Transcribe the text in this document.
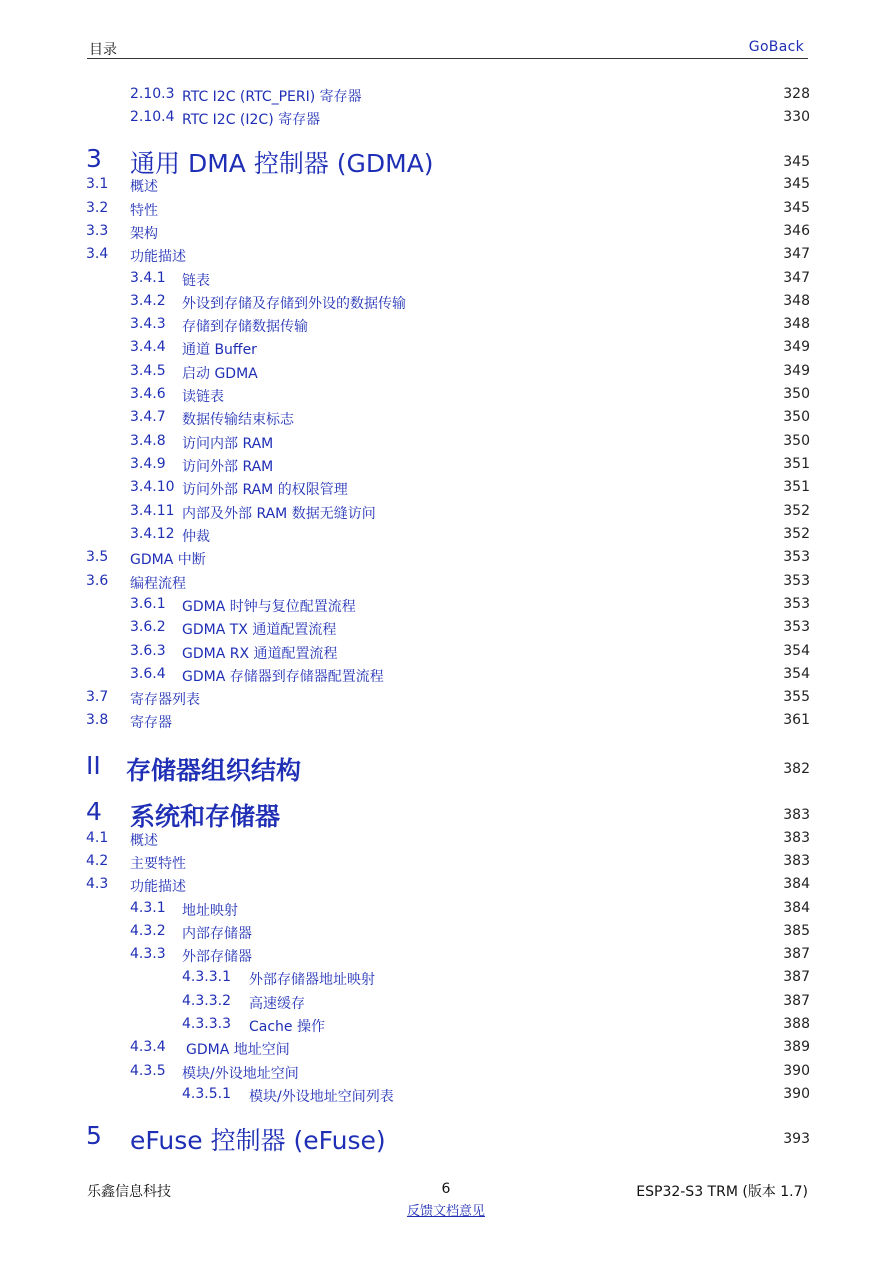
目录	GoBack
2.10.3 RTC I2C (RTC_PERI) 寄存器	328
2.10.4 RTC I2C (I2C) 寄存器	330
3 通用 DMA 控制器 (GDMA)	345
3.1 概述	345
3.2 特性	345
3.3 架构	346
3.4 功能描述	347
3.4.1 链表	347
3.4.2 外设到存储及存储到外设的数据传输	348
3.4.3 存储到存储数据传输	348
3.4.4 通道 Buffer	349
3.4.5 启动 GDMA	349
3.4.6 读链表	350
3.4.7 数据传输结束标志	350
3.4.8 访问内部 RAM	350
3.4.9 访问外部 RAM	351
3.4.10 访问外部 RAM 的权限管理	351
3.4.11 内部及外部 RAM 数据无缝访问	352
3.4.12 仲裁	352
3.5 GDMA 中断	353
3.6 编程流程	353
3.6.1 GDMA 时钟与复位配置流程	353
3.6.2 GDMA TX 通道配置流程	353
3.6.3 GDMA RX 通道配置流程	354
3.6.4 GDMA 存储器到存储器配置流程	354
3.7 寄存器列表	355
3.8 寄存器	361
II 存储器组织结构	382
4 系统和存储器	383
4.1 概述	383
4.2 主要特性	383
4.3 功能描述	384
4.3.1 地址映射	384
4.3.2 内部存储器	385
4.3.3 外部存储器	387
4.3.3.1 外部存储器地址映射	387
4.3.3.2 高速缓存	387
4.3.3.3 Cache 操作	388
4.3.4 GDMA 地址空间	389
4.3.5 模块/外设地址空间	390
4.3.5.1 模块/外设地址空间列表	390
5 eFuse 控制器 (eFuse)	393
乐鑫信息科技	6	ESP32-S3 TRM (版本 1.7)
反馈文档意见
